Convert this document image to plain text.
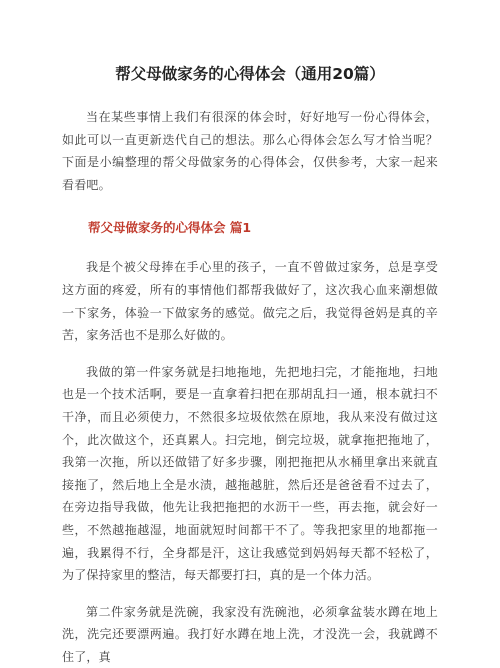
帮父母做家务的心得体会（通用20篇）

当在某些事情上我们有很深的体会时，好好地写一份心得体会，如此可以一直更新迭代自己的想法。那么心得体会怎么写才恰当呢？下面是小编整理的帮父母做家务的心得体会，仅供参考，大家一起来看看吧。

帮父母做家务的心得体会 篇1

我是个被父母捧在手心里的孩子，一直不曾做过家务，总是享受这方面的疼爱，所有的事情他们都帮我做好了，这次我心血来潮想做一下家务，体验一下做家务的感觉。做完之后，我觉得爸妈是真的辛苦，家务活也不是那么好做的。

我做的第一件家务就是扫地拖地，先把地扫完，才能拖地，扫地也是一个技术活啊，要是一直拿着扫把在那胡乱扫一通，根本就扫不干净，而且必须使力，不然很多垃圾依然在原地，我从来没有做过这个，此次做这个，还真累人。扫完地，倒完垃圾，就拿拖把拖地了，我第一次拖，所以还做错了好多步骤，刚把拖把从水桶里拿出来就直接拖了，然后地上全是水渍，越拖越脏，然后还是爸爸看不过去了，在旁边指导我做，他先让我把拖把的水沥干一些，再去拖，就会好一些，不然越拖越湿，地面就短时间都干不了。等我把家里的地都拖一遍，我累得不行，全身都是汗，这让我感觉到妈妈每天都不轻松了，为了保持家里的整洁，每天都要打扫，真的是一个体力活。

第二件家务就是洗碗，我家没有洗碗池，必须拿盆装水蹲在地上洗，洗完还要漂两遍。我打好水蹲在地上洗，才没洗一会，我就蹲不住了，真
